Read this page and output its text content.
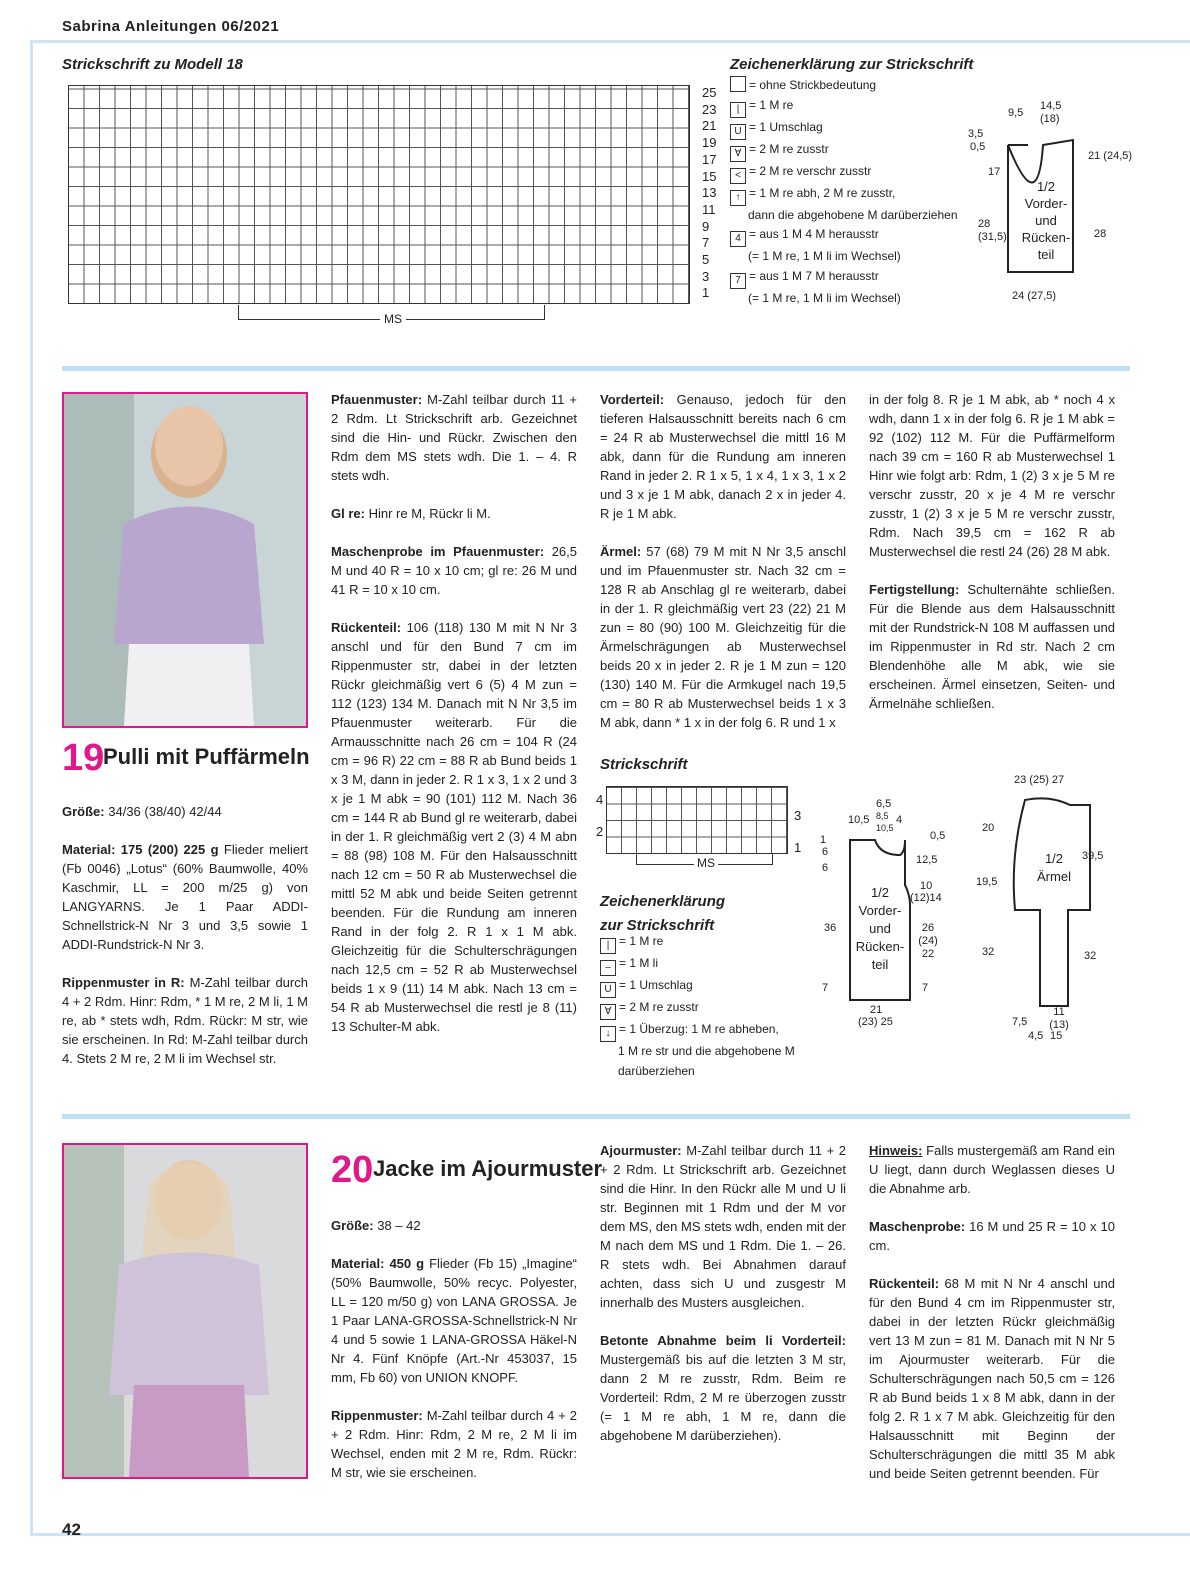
Sabrina Anleitungen 06/2021
Strickschrift zu Modell 18
25
23
21
19
17
15
13
11
9
7
5
3
1
MS
Zeichenerklärung zur Strickschrift
= ohne Strickbedeutung
| = 1 M re
U = 1 Umschlag
∀ = 2 M re zusstr
< = 2 M re verschr zusstr
↑ = 1 M re abh, 2 M re zusstr,
dann die abgehobene M darüberziehen
4 = aus 1 M 4 M herausstr
(= 1 M re, 1 M li im Wechsel)
7 = aus 1 M 7 M herausstr
(= 1 M re, 1 M li im Wechsel)
9,5
14,5 (18)
3,5
0,5
17
21 (24,5)
28 (31,5)	28
24 (27,5)
1/2 Vorder- und Rücken- teil
19
Pulli mit Puffärmeln

Größe: 34/36 (38/40) 42/44

Material: 175 (200) 225 g Flieder meliert (Fb 0046) „Lotus“ (60% Baumwolle, 40% Kaschmir, LL = 200 m/25 g) von LANGYARNS. Je 1 Paar ADDI-Schnellstrick-N Nr 3 und 3,5 sowie 1 ADDI-Rundstrick-N Nr 3.

Rippenmuster in R: M-Zahl teilbar durch 4 + 2 Rdm. Hinr: Rdm, * 1 M re, 2 M li, 1 M re, ab * stets wdh, Rdm. Rückr: M str, wie sie erscheinen. In Rd: M-Zahl teilbar durch 4. Stets 2 M re, 2 M li im Wechsel str.

Pfauenmuster: M-Zahl teilbar durch 11 + 2 Rdm. Lt Strickschrift arb. Gezeichnet sind die Hin- und Rückr. Zwischen den Rdm dem MS stets wdh. Die 1. – 4. R stets wdh.

Gl re: Hinr re M, Rückr li M.

Maschenprobe im Pfauenmuster: 26,5 M und 40 R = 10 x 10 cm; gl re: 26 M und 41 R = 10 x 10 cm.

Rückenteil: 106 (118) 130 M mit N Nr 3 anschl und für den Bund 7 cm im Rippenmuster str, dabei in der letzten Rückr gleichmäßig vert 6 (5) 4 M zun = 112 (123) 134 M. Danach mit N Nr 3,5 im Pfauenmuster weiterarb. Für die Armausschnitte nach 26 cm = 104 R (24 cm = 96 R) 22 cm = 88 R ab Bund beids 1 x 3 M, dann in jeder 2. R 1 x 3, 1 x 2 und 3 x je 1 M abk = 90 (101) 112 M. Nach 36 cm = 144 R ab Bund gl re weiterarb, dabei in der 1. R gleichmäßig vert 2 (3) 4 M abn = 88 (98) 108 M. Für den Halsausschnitt nach 12 cm = 50 R ab Musterwechsel die mittl 52 M abk und beide Seiten getrennt beenden. Für die Rundung am inneren Rand in der folg 2. R 1 x 1 M abk. Gleichzeitig für die Schulterschrägungen nach 12,5 cm = 52 R ab Musterwechsel beids 1 x 9 (11) 14 M abk. Nach 13 cm = 54 R ab Musterwechsel die restl je 8 (11) 13 Schulter-M abk.

Vorderteil: Genauso, jedoch für den tieferen Halsausschnitt bereits nach 6 cm = 24 R ab Musterwechsel die mittl 16 M abk, dann für die Rundung am inneren Rand in jeder 2. R 1 x 5, 1 x 4, 1 x 3, 1 x 2 und 3 x je 1 M abk, danach 2 x in jeder 4. R je 1 M abk.

Ärmel: 57 (68) 79 M mit N Nr 3,5 anschl und im Pfauenmuster str. Nach 32 cm = 128 R ab Anschlag gl re weiterarb, dabei in der 1. R gleichmäßig vert 23 (22) 21 M zun = 80 (90) 100 M. Gleichzeitig für die Ärmelschrägungen ab Musterwechsel beids 20 x in jeder 2. R je 1 M zun = 120 (130) 140 M. Für die Armkugel nach 19,5 cm = 80 R ab Musterwechsel beids 1 x 3 M abk, dann * 1 x in der folg 6. R und 1 x

in der folg 8. R je 1 M abk, ab * noch 4 x wdh, dann 1 x in der folg 6. R je 1 M abk = 92 (102) 112 M. Für die Puffärmelform nach 39 cm = 160 R ab Musterwechsel 1 Hinr wie folgt arb: Rdm, 1 (2) 3 x je 5 M re verschr zusstr, 20 x je 4 M re verschr zusstr, 1 (2) 3 x je 5 M re verschr zusstr, Rdm. Nach 39,5 cm = 162 R ab Musterwechsel die restl 24 (26) 28 M abk.

Fertigstellung: Schulternähte schließen. Für die Blende aus dem Halsausschnitt mit der Rundstrick-N 108 M auffassen und im Rippenmuster in Rd str. Nach 2 cm Blendenhöhe alle M abk, wie sie erscheinen. Ärmel einsetzen, Seiten- und Ärmelnähe schließen.

Strickschrift
4
2
3
1
MS
Zeichenerklärung zur Strickschrift
| = 1 M re
– = 1 M li
U = 1 Umschlag
∀ = 2 M re zusstr
↓ = 1 Überzug: 1 M re abheben,
1 M re str und die abgehobene M darüberziehen
6,5
10,5 8,5
10,5
4
1
6
6
0,5
12,5
10
(12)14
36	26 (24) 22
7	7
21
(23) 25
1/2 Vorder- und Rücken- teil
23 (25) 27
20
19,5
39,5
32	32
7,5
11 (13)
4,5 15
1/2 Ärmel
20 Jacke im Ajourmuster

Größe: 38 – 42

Material: 450 g Flieder (Fb 15) „Imagine“ (50% Baumwolle, 50% recyc. Polyester, LL = 120 m/50 g) von LANA GROSSA. Je 1 Paar LANA-GROSSA-Schnellstrick-N Nr 4 und 5 sowie 1 LANA-GROSSA Häkel-N Nr 4. Fünf Knöpfe (Art.-Nr 453037, 15 mm, Fb 60) von UNION KNOPF.

Rippenmuster: M-Zahl teilbar durch 4 + 2 + 2 Rdm. Hinr: Rdm, 2 M re, 2 M li im Wechsel, enden mit 2 M re, Rdm. Rückr: M str, wie sie erscheinen.

Ajourmuster: M-Zahl teilbar durch 11 + 2 + 2 Rdm. Lt Strickschrift arb. Gezeichnet sind die Hinr. In den Rückr alle M und U li str. Beginnen mit 1 Rdm und der M vor dem MS, den MS stets wdh, enden mit der M nach dem MS und 1 Rdm. Die 1. – 26. R stets wdh. Bei Abnahmen darauf achten, dass sich U und zusgestr M innerhalb des Musters ausgleichen.

Betonte Abnahme beim li Vorderteil: Mustergemäß bis auf die letzten 3 M str, dann 2 M re zusstr, Rdm. Beim re Vorderteil: Rdm, 2 M re überzogen zusstr (= 1 M re abh, 1 M re, dann die abgehobene M darüberziehen).

Hinweis: Falls mustergemäß am Rand ein U liegt, dann durch Weglassen dieses U die Abnahme arb.

Maschenprobe: 16 M und 25 R = 10 x 10 cm.

Rückenteil: 68 M mit N Nr 4 anschl und für den Bund 4 cm im Rippenmuster str, dabei in der letzten Rückr gleichmäßig vert 13 M zun = 81 M. Danach mit N Nr 5 im Ajourmuster weiterarb. Für die Schulterschrägungen nach 50,5 cm = 126 R ab Bund beids 1 x 8 M abk, dann in der folg 2. R 1 x 7 M abk. Gleichzeitig für den Halsausschnitt mit Beginn der Schulterschrägungen die mittl 35 M abk und beide Seiten getrennt beenden. Für

42
